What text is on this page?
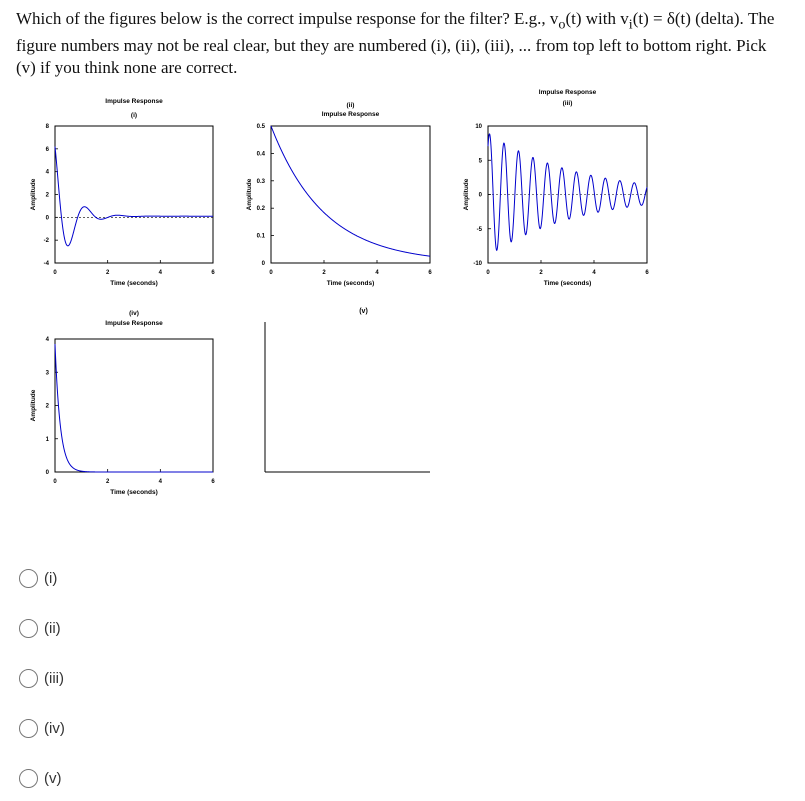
Which of the figures below is the correct impulse response for the filter? E.g., $v_o(t)$ with $v_i(t) = \delta(t)$ (delta). The figure numbers may not be real clear, but they are numbered (i), (ii), (iii), ... from top left to bottom right. Pick (v) if you think none are correct.
0	2	4	6
-4
-2
0
2
4
6
8
Impulse Response
(i)
Time (seconds)
Amplitude
0	2	4	6
0
0.1
0.2
0.3
0.4
0.5
Impulse Response
(ii)
Time (seconds)
Amplitude
0	2	4	6
-10
-5
0
5
10
Impulse Response
(iii)
Time (seconds)
Amplitude
0	2	4	6
0
1
2
3
4
Impulse Response
(iv)
Time (seconds)
Amplitude
(v)
(i)
(ii)
(iii)
(iv)
(v)
